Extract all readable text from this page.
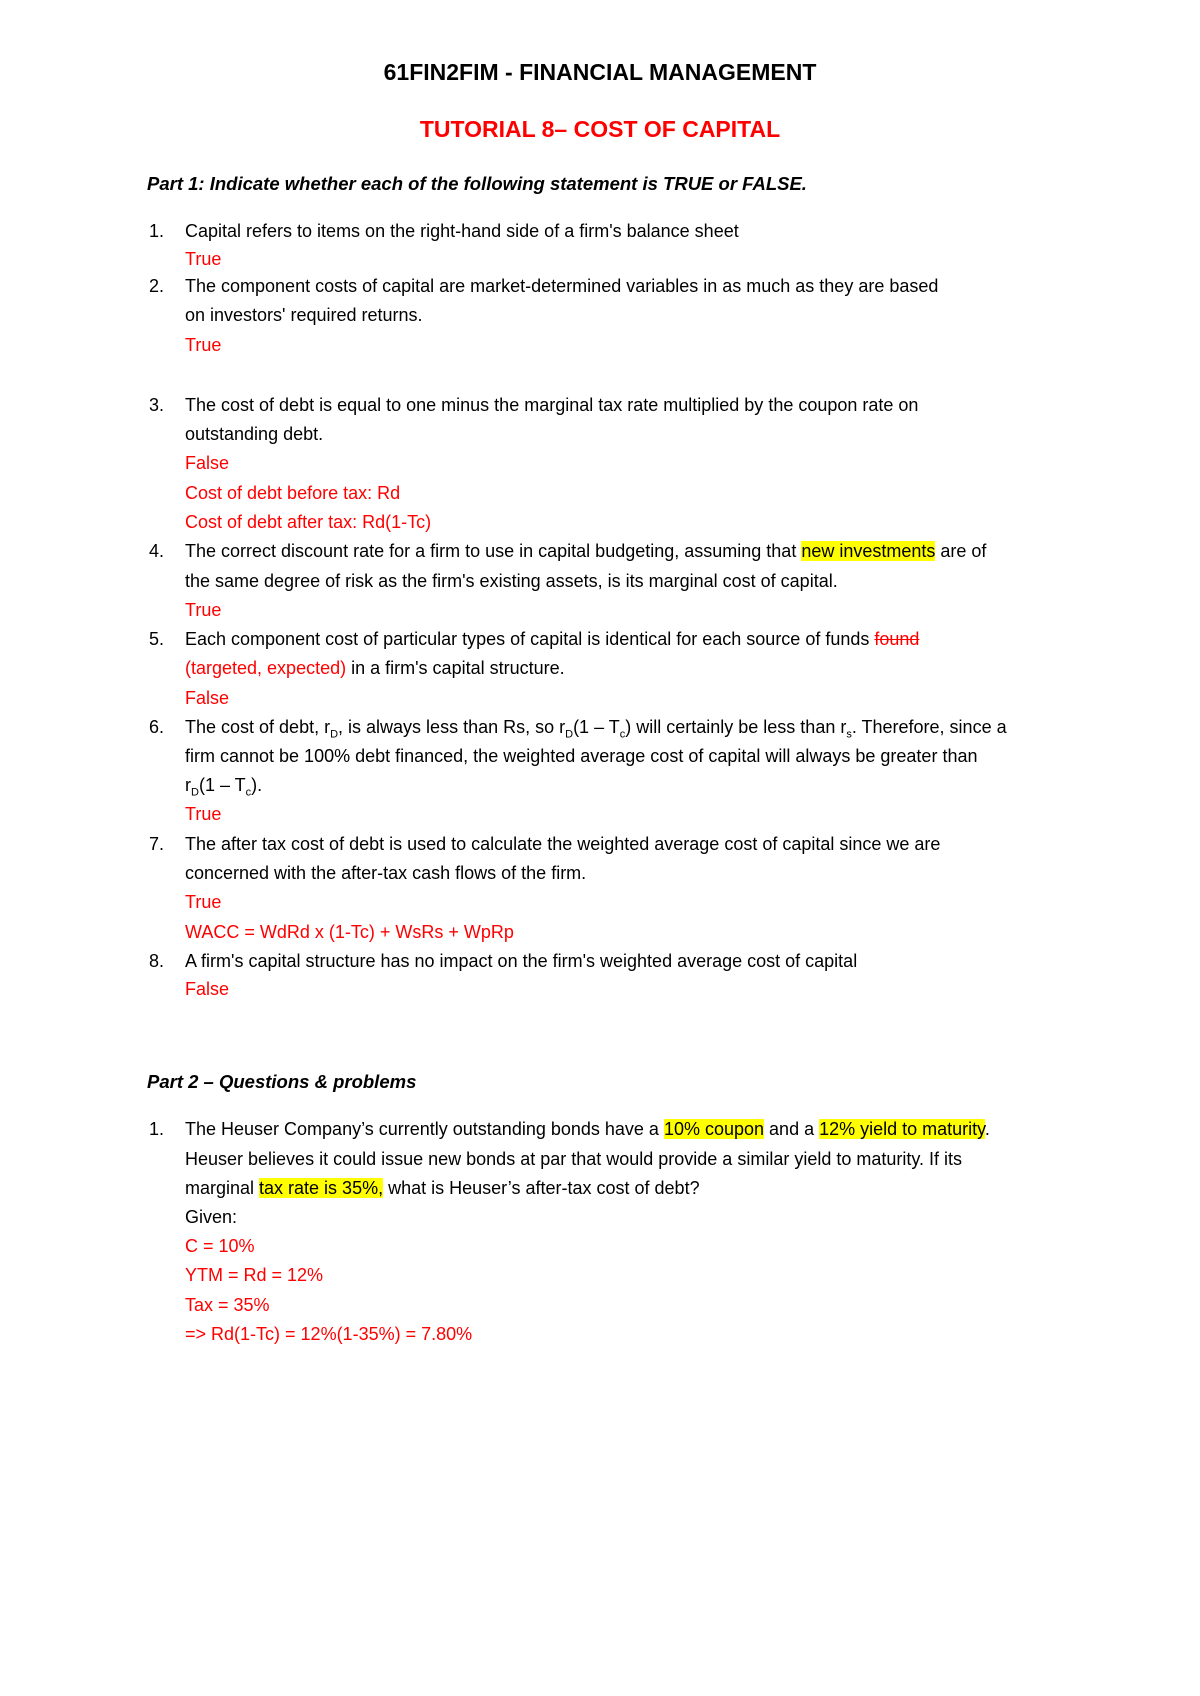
61FIN2FIM - FINANCIAL MANAGEMENT
TUTORIAL 8– COST OF CAPITAL
Part 1: Indicate whether each of the following statement is TRUE or FALSE.
1. Capital refers to items on the right-hand side of a firm's balance sheet
True
2. The component costs of capital are market-determined variables in as much as they are based
on investors' required returns.
True
3. The cost of debt is equal to one minus the marginal tax rate multiplied by the coupon rate on
outstanding debt.
False
Cost of debt before tax: Rd
Cost of debt after tax: Rd(1-Tc)
4. The correct discount rate for a firm to use in capital budgeting, assuming that new investments are of
the same degree of risk as the firm's existing assets, is its marginal cost of capital.
True
5. Each component cost of particular types of capital is identical for each source of funds found
(targeted, expected) in a firm's capital structure.
False
6. The cost of debt, $r_D$, is always less than Rs, so $r_D(1 - T_c)$ will certainly be less than $r_s$. Therefore, since a
firm cannot be 100% debt financed, the weighted average cost of capital will always be greater than
$r_D(1 - T_c)$.
True
7. The after tax cost of debt is used to calculate the weighted average cost of capital since we are
concerned with the after-tax cash flows of the firm.
True
WACC = WdRd x (1-Tc) + WsRs + WpRp
8. A firm's capital structure has no impact on the firm's weighted average cost of capital
False
Part 2 – Questions & problems
1. The Heuser Company’s currently outstanding bonds have a 10% coupon and a 12% yield to maturity.
Heuser believes it could issue new bonds at par that would provide a similar yield to maturity. If its
marginal tax rate is 35%, what is Heuser’s after-tax cost of debt?
Given:
C = 10%
YTM = Rd = 12%
Tax = 35%
=> Rd(1-Tc) = 12%(1-35%) = 7.80%
